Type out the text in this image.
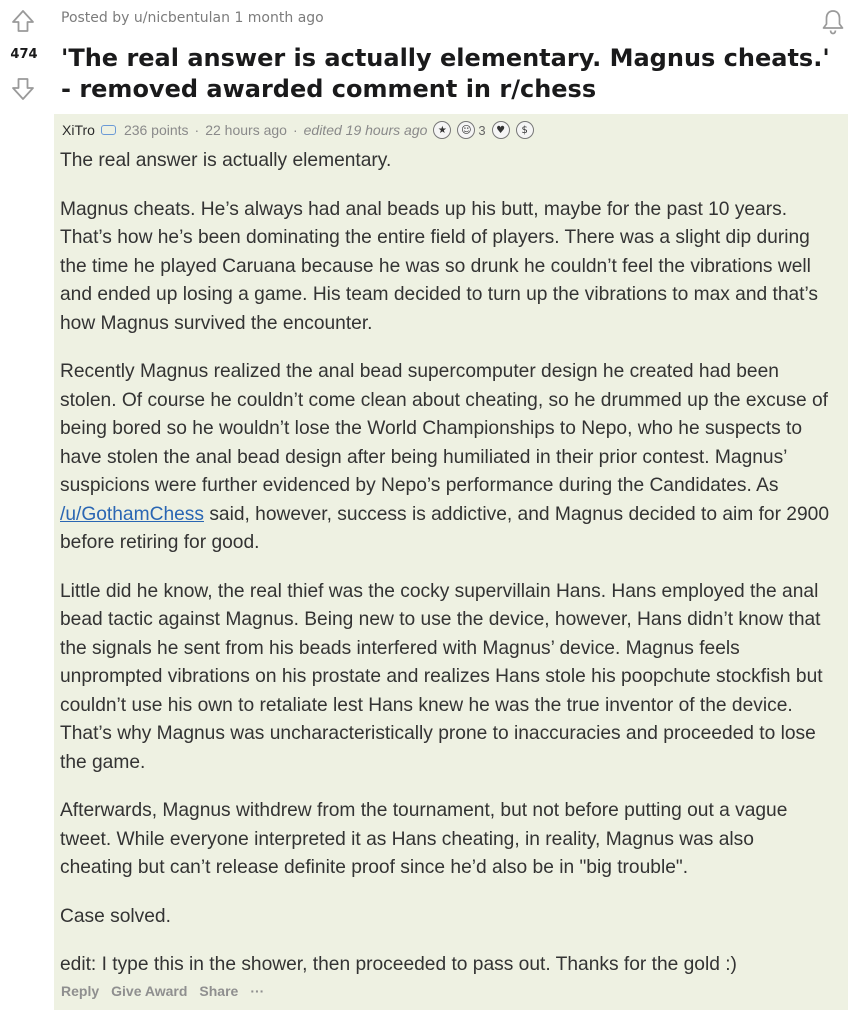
474
Posted by u/nicbentulan 1 month ago
'The real answer is actually elementary. Magnus cheats.' - removed awarded comment in r/chess
XiTro 236 points · 22 hours ago · edited 19 hours ago	★	☺ 3	♥	$

The real answer is actually elementary.

Magnus cheats. He’s always had anal beads up his butt, maybe for the past 10 years. That’s how he’s been dominating the entire field of players. There was a slight dip during the time he played Caruana because he was so drunk he couldn’t feel the vibrations well and ended up losing a game. His team decided to turn up the vibrations to max and that’s how Magnus survived the encounter.

Recently Magnus realized the anal bead supercomputer design he created had been stolen. Of course he couldn’t come clean about cheating, so he drummed up the excuse of being bored so he wouldn’t lose the World Championships to Nepo, who he suspects to have stolen the anal bead design after being humiliated in their prior contest. Magnus’ suspicions were further evidenced by Nepo’s performance during the Candidates. As /u/GothamChess said, however, success is addictive, and Magnus decided to aim for 2900 before retiring for good.

Little did he know, the real thief was the cocky supervillain Hans. Hans employed the anal bead tactic against Magnus. Being new to use the device, however, Hans didn’t know that the signals he sent from his beads interfered with Magnus’ device. Magnus feels unprompted vibrations on his prostate and realizes Hans stole his poopchute stockfish but couldn’t use his own to retaliate lest Hans knew he was the true inventor of the device. That’s why Magnus was uncharacteristically prone to inaccuracies and proceeded to lose the game.

Afterwards, Magnus withdrew from the tournament, but not before putting out a vague tweet. While everyone interpreted it as Hans cheating, in reality, Magnus was also cheating but can’t release definite proof since he’d also be in "big trouble".

Case solved.

edit: I type this in the shower, then proceeded to pass out. Thanks for the gold :)

Reply Give Award Share ···
